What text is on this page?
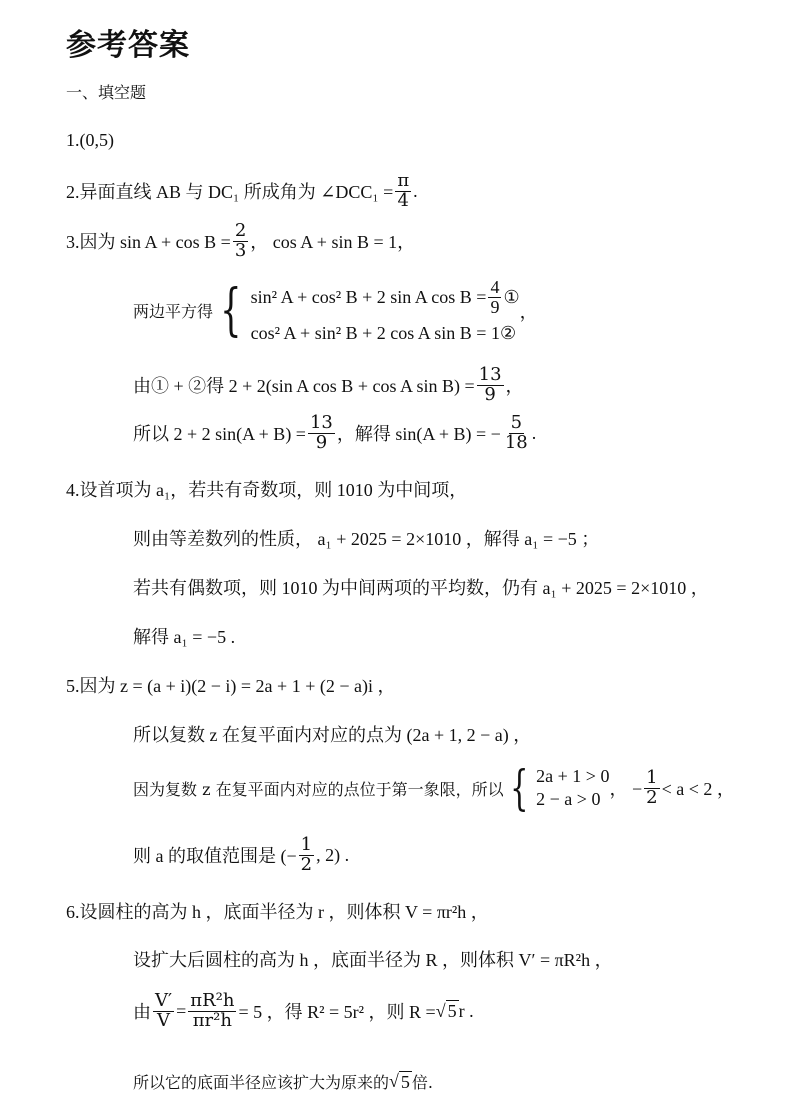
参考答案
一、填空题
1.(0,5)
2.异面直线 AB 与 DC₁ 所成角为 ∠DCC₁ = $\frac{\pi}{4}$ .
3.因为 $\sin A + \cos B = \frac{2}{3}$ ， cos A + sin B = 1，
两边平方得 { sin² A + cos² B + 2 sin A $\cos B = \frac{4}{9}$ ①
cos² A + sin² B + 2 cos A sin B = 1②
，
由① + ②得 2 + 2(sin A cos B + cos A $\sin B) = \frac{13}{9}$ ，
所以 2 + 2 $\sin(A + B) = \frac{13}{9}$ ，解得 sin(A + B) = − $\frac{5}{18}$ .
4.设首项为 a₁，若共有奇数项，则 1010 为中间项，
则由等差数列的性质， a₁ + 2025 = 2×1010 ，解得 a₁ = −5 ；
若共有偶数项，则 1010 为中间两项的平均数，仍有 a₁ + 2025 = 2×1010 ，
解得 a₁ = −5 .
5.因为 z = (a + i)(2 − i) = 2a + 1 + (2 − a)i ，
所以复数 z 在复平面内对应的点为 (2a + 1, 2 − a) ，
因为复数 z 在复平面内对应的点位于第一象限，所以 { 2a + 1 > 0
2 − a > 0 ， − $\frac{1}{2} < a < 2$ ，
则 a 的取值范围是 (− $\frac{1}{2}$ , 2) .
6.设圆柱的高为 h ，底面半径为 r ，则体积 V = πr²h ，
设扩大后圆柱的高为 h ，底面半径为 R ，则体积 V′ = πR²h ，
由 $\frac{V'}{V} = \frac{\text{πR²h}}{\text{πr²h}} = 5$ ，得 R² = 5r² ，则 R = √ 5 r .
所以它的底面半径应该扩大为原来的 √ 5 倍.
